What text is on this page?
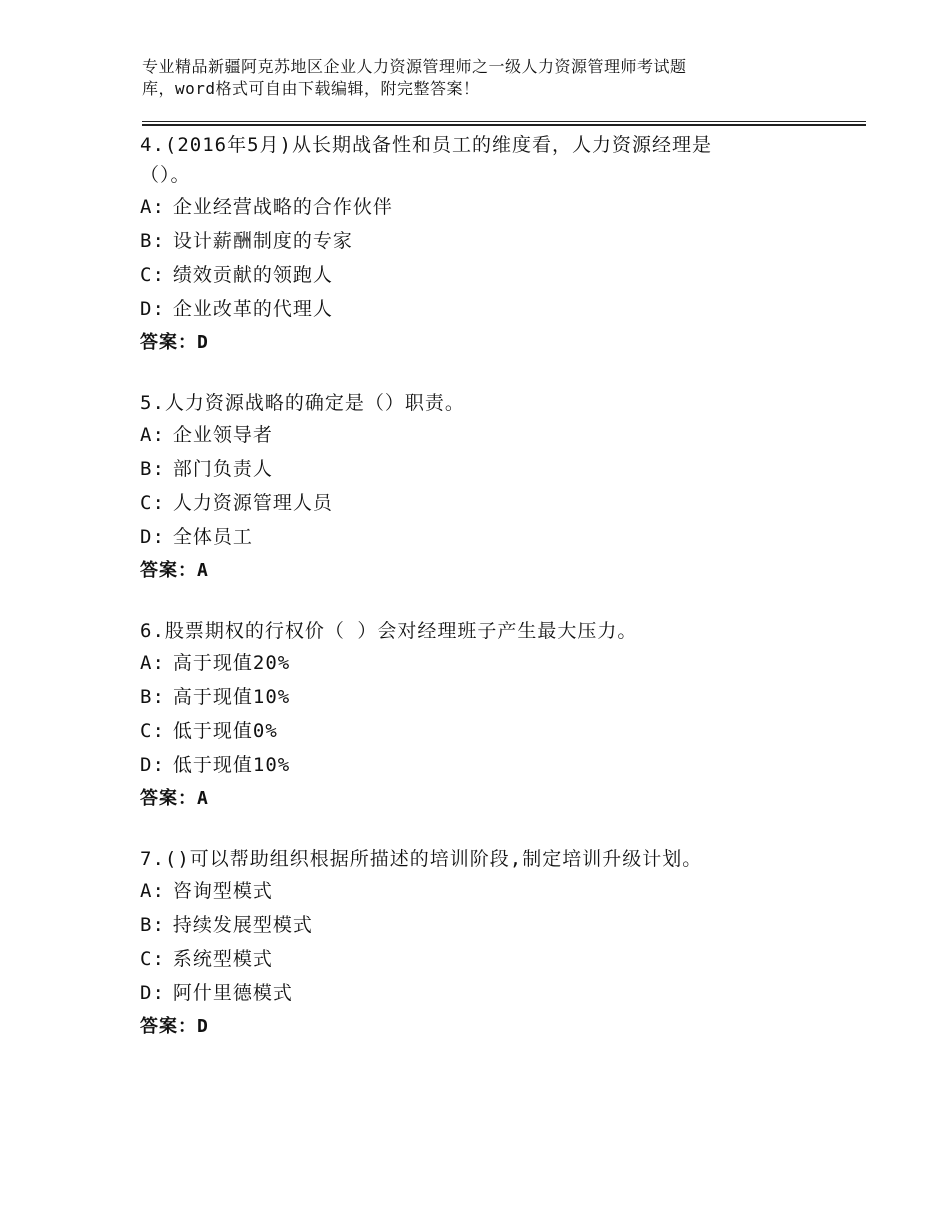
专业精品新疆阿克苏地区企业人力资源管理师之一级人力资源管理师考试题
库，word格式可自由下载编辑，附完整答案！
4.(2016年5月)从长期战备性和员工的维度看，人力资源经理是
（）。
A: 企业经营战略的合作伙伴
B: 设计薪酬制度的专家
C: 绩效贡献的领跑人
D: 企业改革的代理人
答案：D
5.人力资源战略的确定是（）职责。
A: 企业领导者
B: 部门负责人
C: 人力资源管理人员
D: 全体员工
答案：A
6.股票期权的行权价（ ）会对经理班子产生最大压力。
A: 高于现值20%
B: 高于现值10%
C: 低于现值0%
D: 低于现值10%
答案：A
7.()可以帮助组织根据所描述的培训阶段,制定培训升级计划。
A: 咨询型模式
B: 持续发展型模式
C: 系统型模式
D: 阿什里德模式
答案：D
